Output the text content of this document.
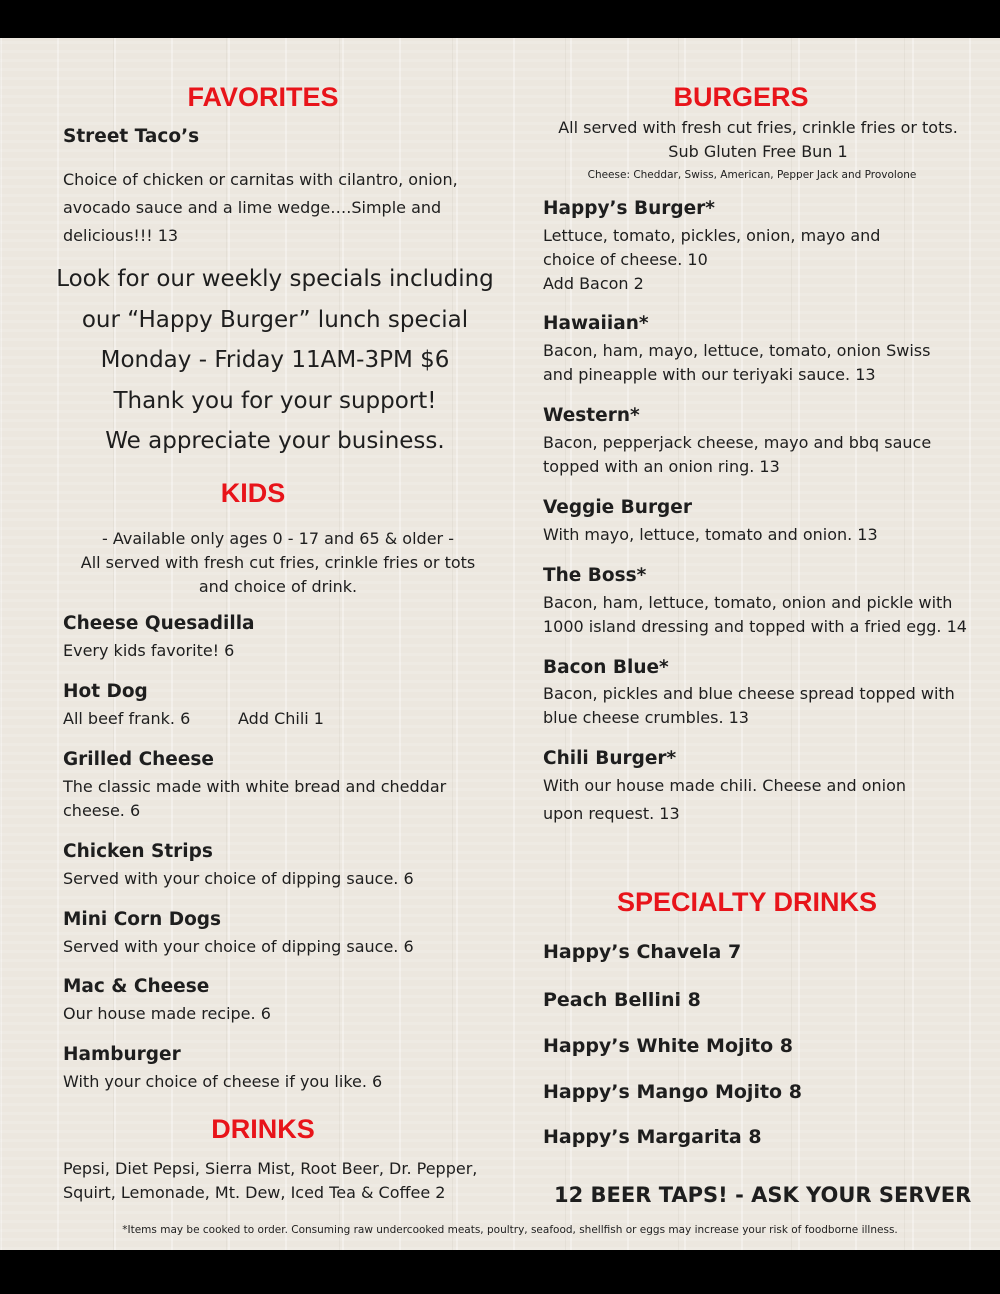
FAVORITES
Street Taco’s
Choice of chicken or carnitas with cilantro, onion,
avocado sauce and a lime wedge….Simple and
delicious!!! 13
Look for our weekly specials including
our “Happy Burger” lunch special
Monday - Friday 11AM-3PM $6
Thank you for your support!
We appreciate your business.
KIDS
- Available only ages 0 - 17 and 65 & older -
All served with fresh cut fries, crinkle fries or tots
and choice of drink.
Cheese Quesadilla
Every kids favorite! 6
Hot Dog
All beef frank. 6	Add Chili 1
Grilled Cheese
The classic made with white bread and cheddar
cheese. 6
Chicken Strips
Served with your choice of dipping sauce. 6
Mini Corn Dogs
Served with your choice of dipping sauce. 6
Mac & Cheese
Our house made recipe. 6
Hamburger
With your choice of cheese if you like. 6
DRINKS
Pepsi, Diet Pepsi, Sierra Mist, Root Beer, Dr. Pepper,
Squirt, Lemonade, Mt. Dew, Iced Tea & Coffee 2
BURGERS
All served with fresh cut fries, crinkle fries or tots.
Sub Gluten Free Bun 1
Cheese: Cheddar, Swiss, American, Pepper Jack and Provolone
Happy’s Burger*
Lettuce, tomato, pickles, onion, mayo and
choice of cheese. 10
Add Bacon 2
Hawaiian*
Bacon, ham, mayo, lettuce, tomato, onion Swiss
and pineapple with our teriyaki sauce. 13
Western*
Bacon, pepperjack cheese, mayo and bbq sauce
topped with an onion ring. 13
Veggie Burger
With mayo, lettuce, tomato and onion. 13
The Boss*
Bacon, ham, lettuce, tomato, onion and pickle with
1000 island dressing and topped with a fried egg. 14
Bacon Blue*
Bacon, pickles and blue cheese spread topped with
blue cheese crumbles. 13
Chili Burger*
With our house made chili. Cheese and onion
upon request. 13
SPECIALTY DRINKS
Happy’s Chavela 7
Peach Bellini 8
Happy’s White Mojito 8
Happy’s Mango Mojito 8
Happy’s Margarita 8
12 BEER TAPS! - ASK YOUR SERVER
*Items may be cooked to order. Consuming raw undercooked meats, poultry, seafood, shellfish or eggs may increase your risk of foodborne illness.
